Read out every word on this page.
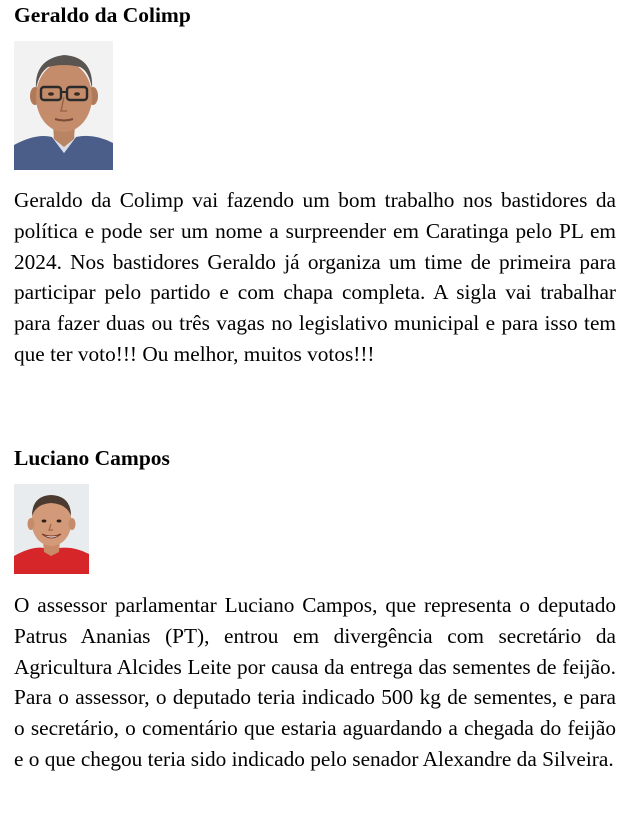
Geraldo da Colimp

Geraldo da Colimp vai fazendo um bom trabalho nos bastidores da política e pode ser um nome a surpreender em Caratinga pelo PL em 2024. Nos bastidores Geraldo já organiza um time de primeira para participar pelo partido e com chapa completa. A sigla vai trabalhar para fazer duas ou três vagas no legislativo municipal e para isso tem que ter voto!!! Ou melhor, muitos votos!!!

Luciano Campos

O assessor parlamentar Luciano Campos, que representa o deputado Patrus Ananias (PT), entrou em divergência com secretário da Agricultura Alcides Leite por causa da entrega das sementes de feijão. Para o assessor, o deputado teria indicado 500 kg de sementes, e para o secretário, o comentário que estaria aguardando a chegada do feijão e o que chegou teria sido indicado pelo senador Alexandre da Silveira.
